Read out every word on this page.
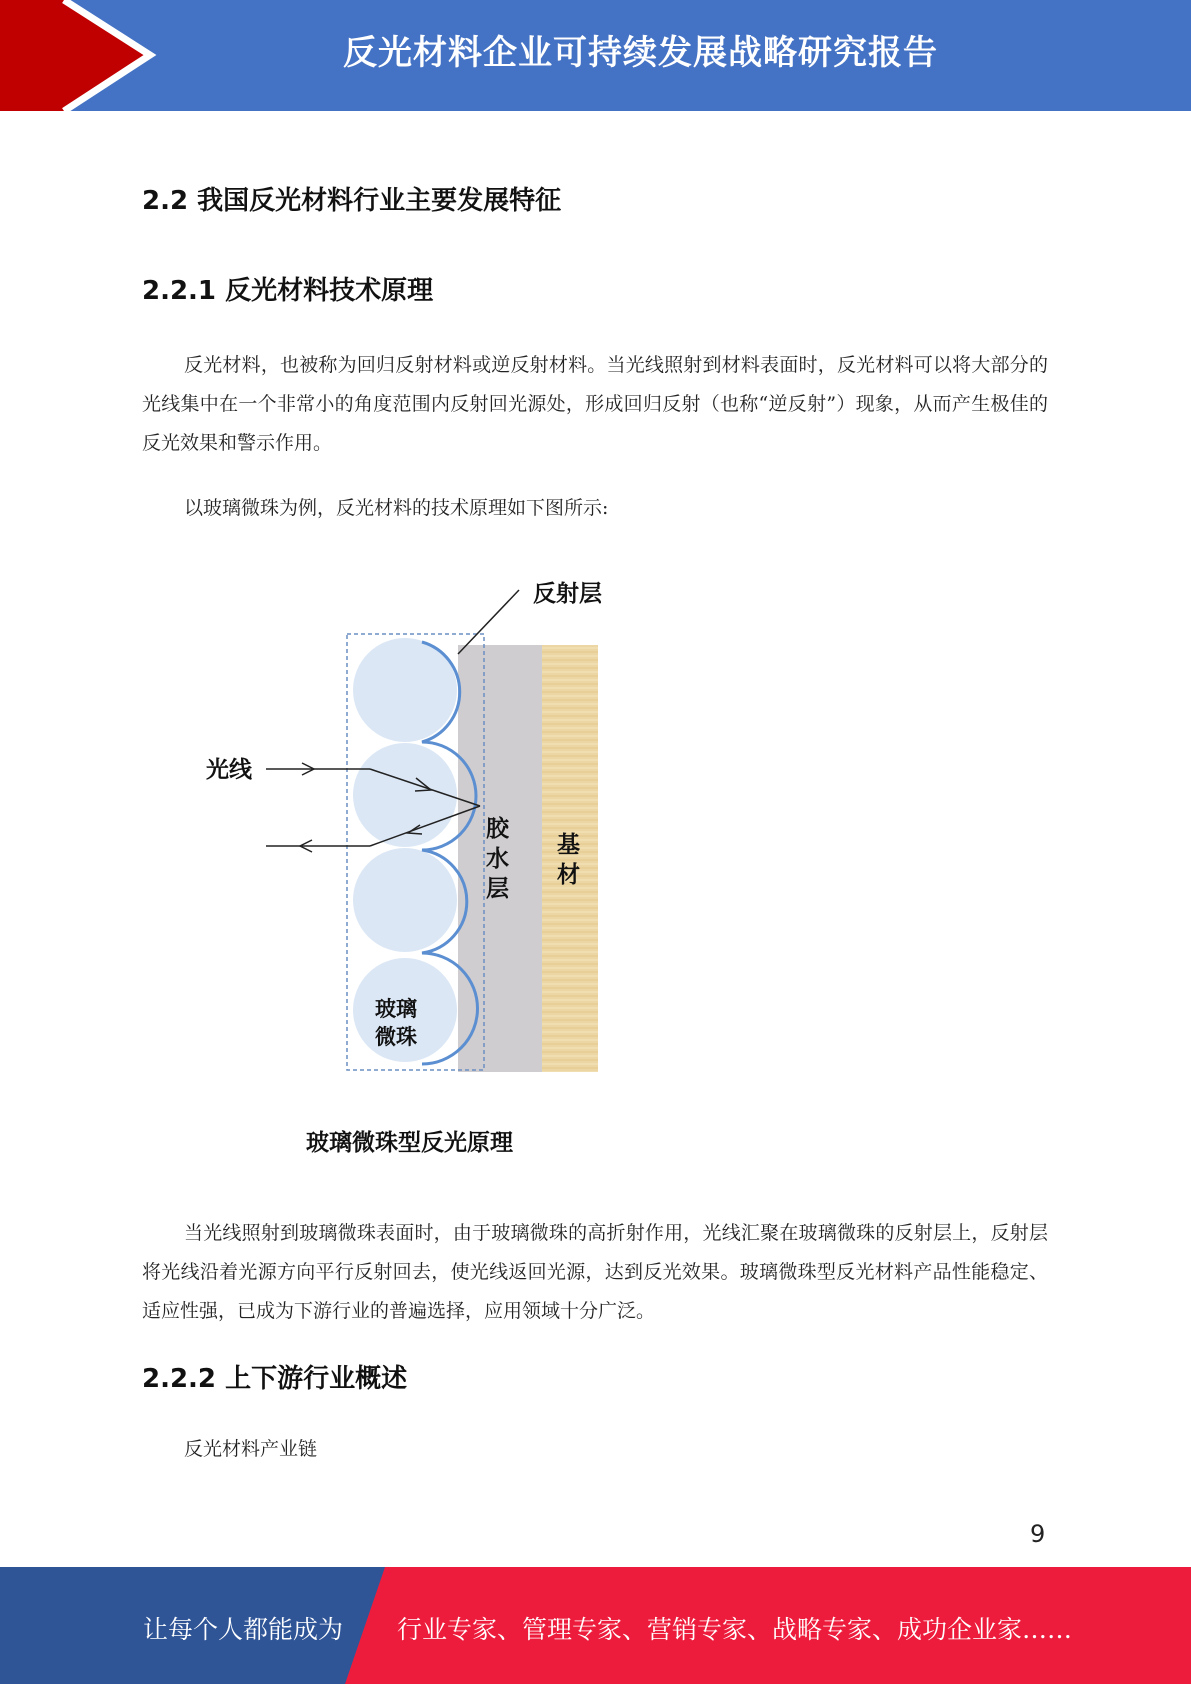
反光材料企业可持续发展战略研究报告
2.2 我国反光材料行业主要发展特征
2.2.1 反光材料技术原理
反光材料，也被称为回归反射材料或逆反射材料。当光线照射到材料表面时，反光材料可以将大部分的光线集中在一个非常小的角度范围内反射回光源处，形成回归反射（也称“逆反射”）现象，从而产生极佳的反光效果和警示作用。
以玻璃微珠为例，反光材料的技术原理如下图所示:
反射层
光线
胶
水
层
基
材
玻璃
微珠
玻璃微珠型反光原理
当光线照射到玻璃微珠表面时，由于玻璃微珠的高折射作用，光线汇聚在玻璃微珠的反射层上，反射层将光线沿着光源方向平行反射回去，使光线返回光源，达到反光效果。玻璃微珠型反光材料产品性能稳定、适应性强，已成为下游行业的普遍选择，应用领域十分广泛。
2.2.2 上下游行业概述
反光材料产业链
9
让每个人都能成为 行业专家、管理专家、营销专家、战略专家、成功企业家……
